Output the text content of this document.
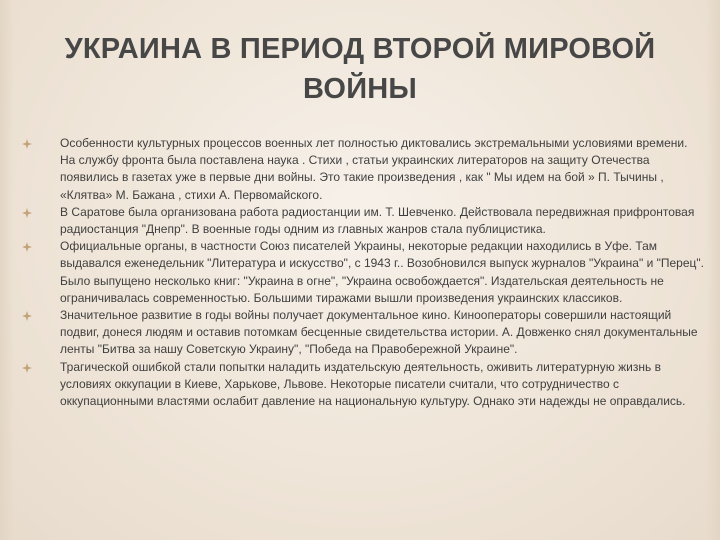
УКРАИНА В ПЕРИОД ВТОРОЙ МИРОВОЙ ВОЙНЫ
Особенности культурных процессов военных лет полностью диктовались экстремальными условиями времени. На службу фронта была поставлена наука . Стихи , статьи украинских литераторов на защиту Отечества появились в газетах уже в первые дни войны. Это такие произведения , как " Мы идем на бой » П. Тычины , «Клятва» М. Бажана , стихи А. Первомайского.
В Саратове была организована работа радиостанции им. Т. Шевченко. Действовала передвижная прифронтовая радиостанция "Днепр". В военные годы одним из главных жанров стала публицистика.
Официальные органы, в частности Союз писателей Украины, некоторые редакции находились в Уфе. Там выдавался еженедельник "Литература и искусство", с 1943 г.. Возобновился выпуск журналов "Украина" и "Перец". Было выпущено несколько книг: "Украина в огне", "Украина освобождается". Издательская деятельность не ограничивалась современностью. Большими тиражами вышли произведения украинских классиков.
Значительное развитие в годы войны получает документальное кино. Кинооператоры совершили настоящий подвиг, донеся людям и оставив потомкам бесценные свидетельства истории. А. Довженко снял документальные ленты "Битва за нашу Советскую Украину", "Победа на Правобережной Украине".
Трагической ошибкой стали попытки наладить издательскую деятельность, оживить литературную жизнь в условиях оккупации в Киеве, Харькове, Львове. Некоторые писатели считали, что сотрудничество с оккупационными властями ослабит давление на национальную культуру. Однако эти надежды не оправдались.
